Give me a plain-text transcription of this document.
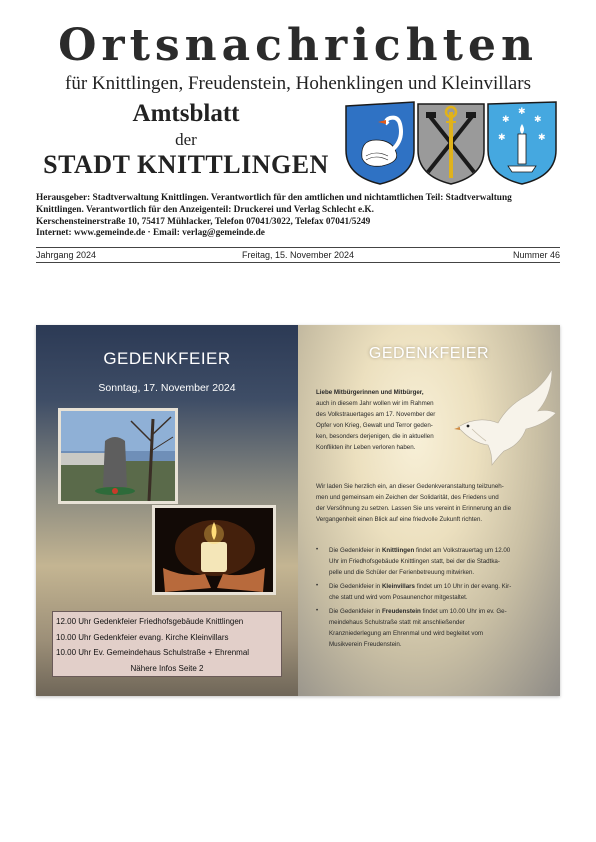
Ortsnachrichten
für Knittlingen, Freudenstein, Hohenklingen und Kleinvillars
Amtsblatt
der
STADT KNITTLINGEN
✱	✱
✱	✱
✱
Herausgeber: Stadtverwaltung Knittlingen. Verantwortlich für den amtlichen und nichtamtlichen Teil: Stadtverwaltung
Knittlingen. Verantwortlich für den Anzeigenteil: Druckerei und Verlag Schlecht e.K.
Kerschensteinerstraße 10, 75417 Mühlacker, Telefon 07041/3022, Telefax 07041/5249
Internet: www.gemeinde.de · Email: verlag@gemeinde.de
Jahrgang 2024	Freitag, 15. November 2024	Nummer 46
GEDENKFEIER
Sonntag, 17. November 2024
12.00 Uhr Gedenkfeier Friedhofsgebäude Knittlingen
10.00 Uhr Gedenkfeier evang. Kirche Kleinvillars
10.00 Uhr Ev. Gemeindehaus Schulstraße + Ehrenmal
Nähere Infos Seite 2
GEDENKFEIER
Liebe Mitbürgerinnen und Mitbürger,
auch in diesem Jahr wollen wir im Rahmen
des Volkstrauertages am 17. November der
Opfer von Krieg, Gewalt und Terror geden-
ken, besonders derjenigen, die in aktuellen
Konflikten ihr Leben verloren haben.
Wir laden Sie herzlich ein, an dieser Gedenkveranstaltung teilzuneh-
men und gemeinsam ein Zeichen der Solidarität, des Friedens und
der Versöhnung zu setzen. Lassen Sie uns vereint in Erinnerung an die
Vergangenheit einen Blick auf eine friedvolle Zukunft richten.
• Die Gedenkfeier in Knittlingen findet am Volkstrauertag um 12.00
Uhr im Friedhofsgebäude Knittlingen statt, bei der die Stadtka-
pelle und die Schüler der Ferienbetreuung mitwirken.
• Die Gedenkfeier in Kleinvillars findet um 10 Uhr in der evang. Kir-
che statt und wird vom Posaunenchor mitgestaltet.
• Die Gedenkfeier in Freudenstein findet um 10.00 Uhr im ev. Ge-
meindehaus Schulstraße statt mit anschließender
Kranzniederlegung am Ehrenmal und wird begleitet vom
Musikverein Freudenstein.
